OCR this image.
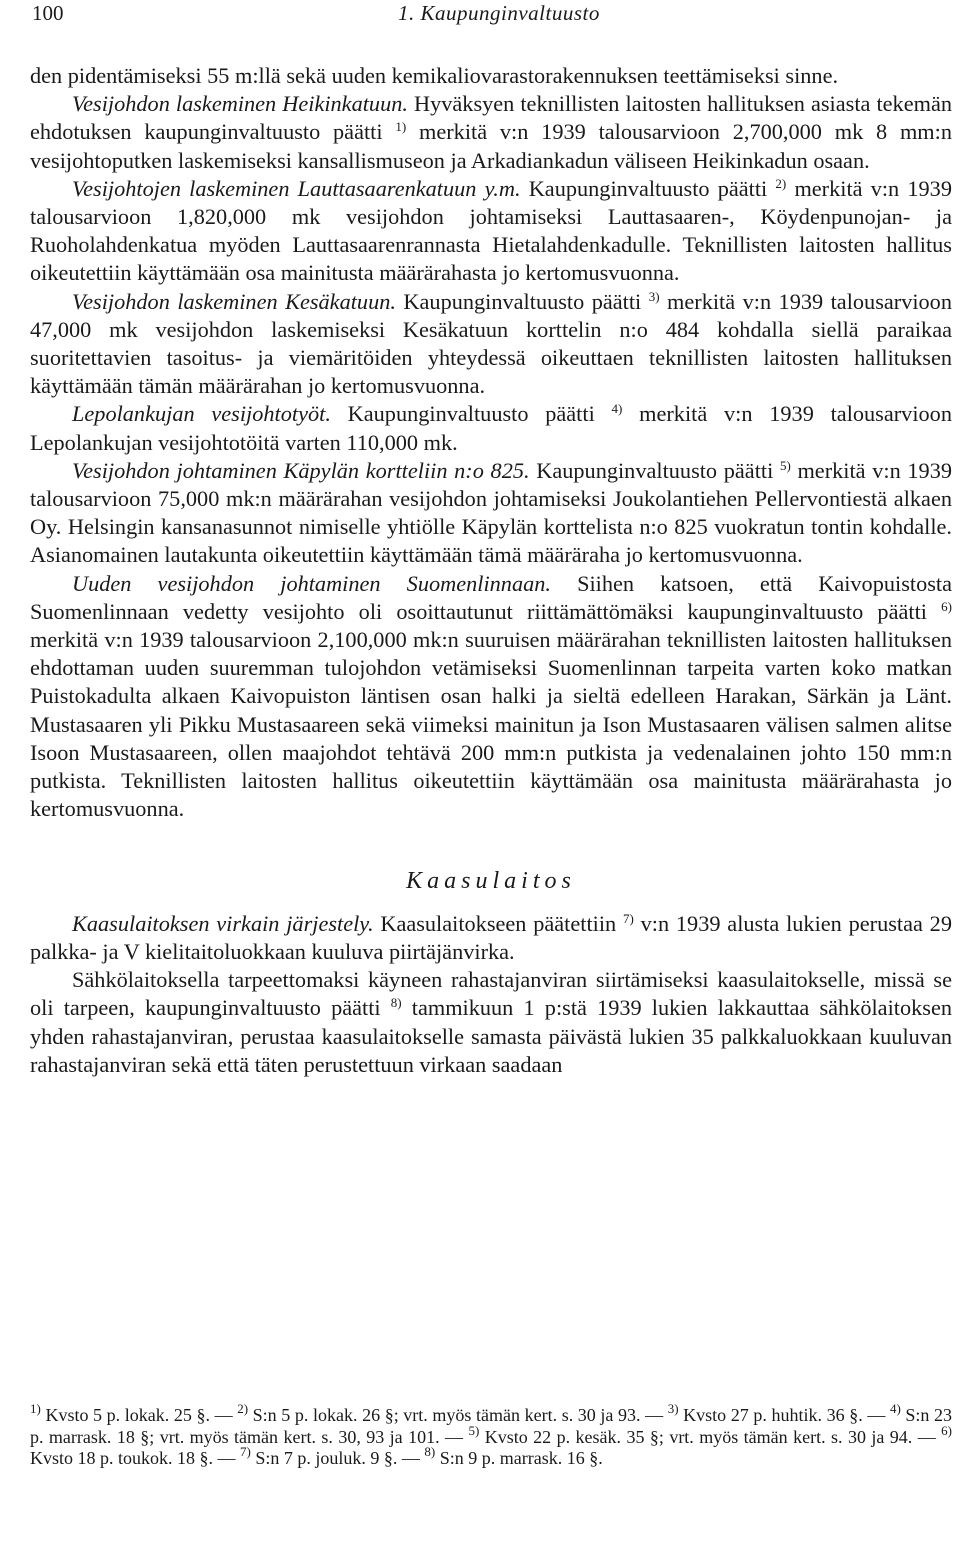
100	1. Kaupunginvaltuusto

den pidentämiseksi 55 m:llä sekä uuden kemikaliovarastorakennuksen teettämiseksi sinne.

Vesijohdon laskeminen Heikinkatuun. Hyväksyen teknillisten laitosten hallituksen asiasta tekemän ehdotuksen kaupunginvaltuusto päätti $^{1)}$ merkitä v:n 1939 talousarvioon 2,700,000 mk 8 mm:n vesijohtoputken laskemiseksi kansallismuseon ja Arkadiankadun väliseen Heikinkadun osaan.

Vesijohtojen laskeminen Lauttasaarenkatuun y.m. Kaupunginvaltuusto päätti $^{2)}$ merkitä v:n 1939 talousarvioon 1,820,000 mk vesijohdon johtamiseksi Lauttasaaren-, Köydenpunojan- ja Ruoholahdenkatua myöden Lauttasaarenrannasta Hietalahdenkadulle. Teknillisten laitosten hallitus oikeutettiin käyttämään osa mainitusta määrärahasta jo kertomusvuonna.

Vesijohdon laskeminen Kesäkatuun. Kaupunginvaltuusto päätti $^{3)}$ merkitä v:n 1939 talousarvioon 47,000 mk vesijohdon laskemiseksi Kesäkatuun korttelin n:o 484 kohdalla siellä paraikaa suoritettavien tasoitus- ja viemäritöiden yhteydessä oikeuttaen teknillisten laitosten hallituksen käyttämään tämän määrärahan jo kertomusvuonna.

Lepolankujan vesijohtotyöt. Kaupunginvaltuusto päätti $^{4)}$ merkitä v:n 1939 talousarvioon Lepolankujan vesijohtotöitä varten 110,000 mk.

Vesijohdon johtaminen Käpylän kortteliin n:o 825. Kaupunginvaltuusto päätti $^{5)}$ merkitä v:n 1939 talousarvioon 75,000 mk:n määrärahan vesijohdon johtamiseksi Joukolantiehen Pellervontiestä alkaen Oy. Helsingin kansanasunnot nimiselle yhtiölle Käpylän korttelista n:o 825 vuokratun tontin kohdalle. Asianomainen lautakunta oikeutettiin käyttämään tämä määräraha jo kertomusvuonna.

Uuden vesijohdon johtaminen Suomenlinnaan. Siihen katsoen, että Kaivopuistosta Suomenlinnaan vedetty vesijohto oli osoittautunut riittämättömäksi kaupunginvaltuusto päätti $^{6)}$ merkitä v:n 1939 talousarvioon 2,100,000 mk:n suuruisen määrärahan teknillisten laitosten hallituksen ehdottaman uuden suuremman tulojohdon vetämiseksi Suomenlinnan tarpeita varten koko matkan Puistokadulta alkaen Kaivopuiston läntisen osan halki ja sieltä edelleen Harakan, Särkän ja Länt. Mustasaaren yli Pikku Mustasaareen sekä viimeksi mainitun ja Ison Mustasaaren välisen salmen alitse Isoon Mustasaareen, ollen maajohdot tehtävä 200 mm:n putkista ja vedenalainen johto 150 mm:n putkista. Teknillisten laitosten hallitus oikeutettiin käyttämään osa mainitusta määrärahasta jo kertomusvuonna.

Kaasulaitos

Kaasulaitoksen virkain järjestely. Kaasulaitokseen päätettiin $^{7)}$ v:n 1939 alusta lukien perustaa 29 palkka- ja V kielitaitoluokkaan kuuluva piirtäjänvirka.

Sähkölaitoksella tarpeettomaksi käyneen rahastajanviran siirtämiseksi kaasulaitokselle, missä se oli tarpeen, kaupunginvaltuusto päätti $^{8)}$ tammikuun 1 p:stä 1939 lukien lakkauttaa sähkölaitoksen yhden rahastajanviran, perustaa kaasulaitokselle samasta päivästä lukien 35 palkkaluokkaan kuuluvan rahastajanviran sekä että täten perustettuun virkaan saadaan

$^{1)}$ Kvsto 5 p. lokak. 25 §. — $^{2)}$ S:n 5 p. lokak. 26 §; vrt. myös tämän kert. s. 30 ja 93. — $^{3)}$ Kvsto 27 p. huhtik. 36 §. — $^{4)}$ S:n 23 p. marrask. 18 §; vrt. myös tämän kert. s. 30, 93 ja 101. — $^{5)}$ Kvsto 22 p. kesäk. 35 §; vrt. myös tämän kert. s. 30 ja 94. — $^{6)}$ Kvsto 18 p. toukok. 18 §. — $^{7)}$ S:n 7 p. jouluk. 9 §. — $^{8)}$ S:n 9 p. marrask. 16 §.
